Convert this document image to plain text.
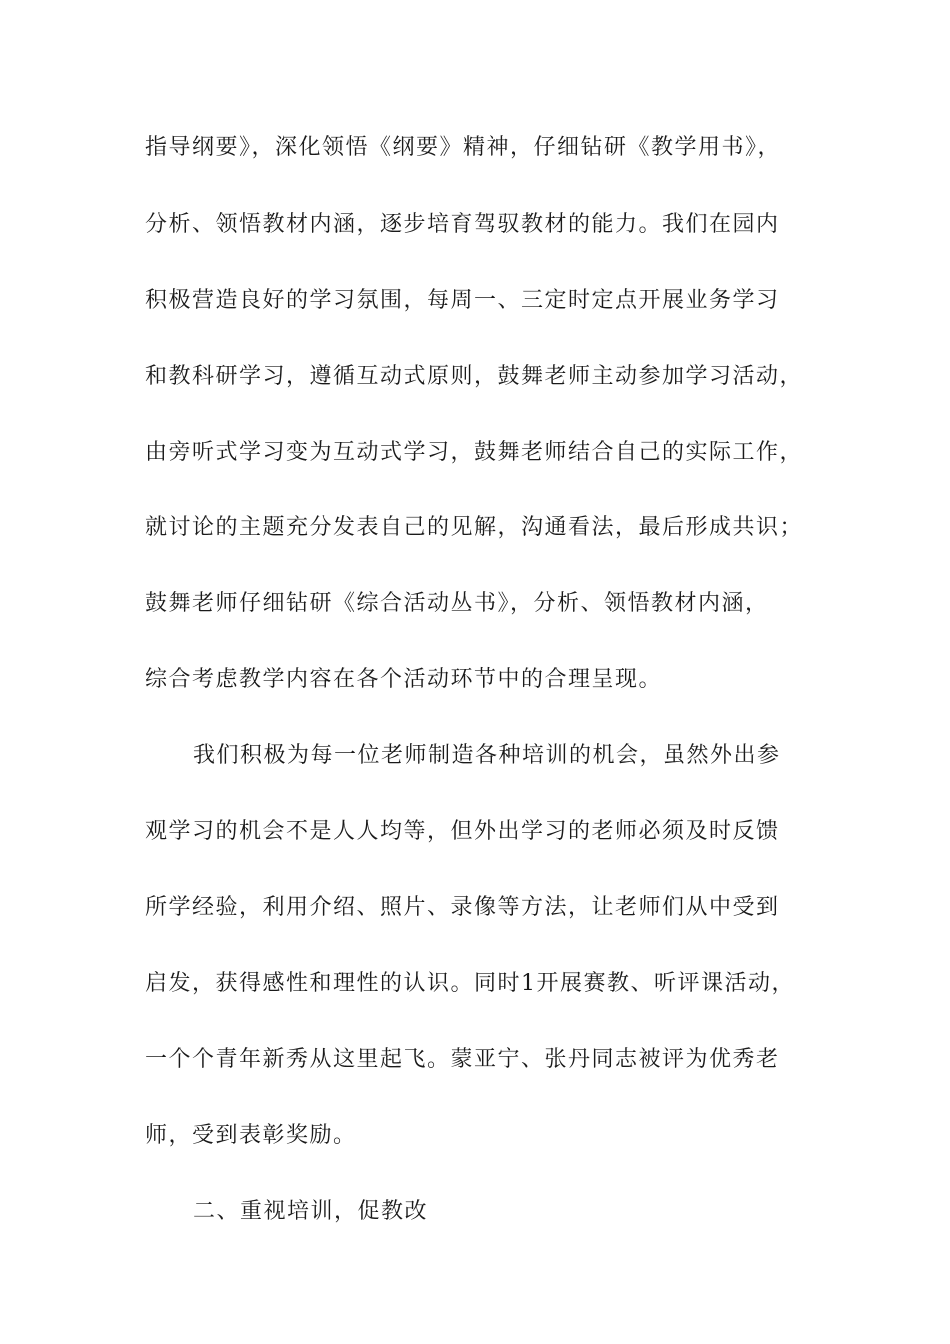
指导纲要》，深化领悟《纲要》精神，仔细钻研《教学用书》，
分析、领悟教材内涵，逐步培育驾驭教材的能力。我们在园内
积极营造良好的学习氛围，每周一、三定时定点开展业务学习
和教科研学习，遵循互动式原则，鼓舞老师主动参加学习活动，
由旁听式学习变为互动式学习，鼓舞老师结合自己的实际工作，
就讨论的主题充分发表自己的见解，沟通看法，最后形成共识；
鼓舞老师仔细钻研《综合活动丛书》，分析、领悟教材内涵，
综合考虑教学内容在各个活动环节中的合理呈现。
我们积极为每一位老师制造各种培训的机会，虽然外出参
观学习的机会不是人人均等，但外出学习的老师必须及时反馈
所学经验，利用介绍、照片、录像等方法，让老师们从中受到
启发，获得感性和理性的认识。同时1开展赛教、听评课活动，
一个个青年新秀从这里起飞。蒙亚宁、张丹同志被评为优秀老
师，受到表彰奖励。
二、重视培训，促教改
